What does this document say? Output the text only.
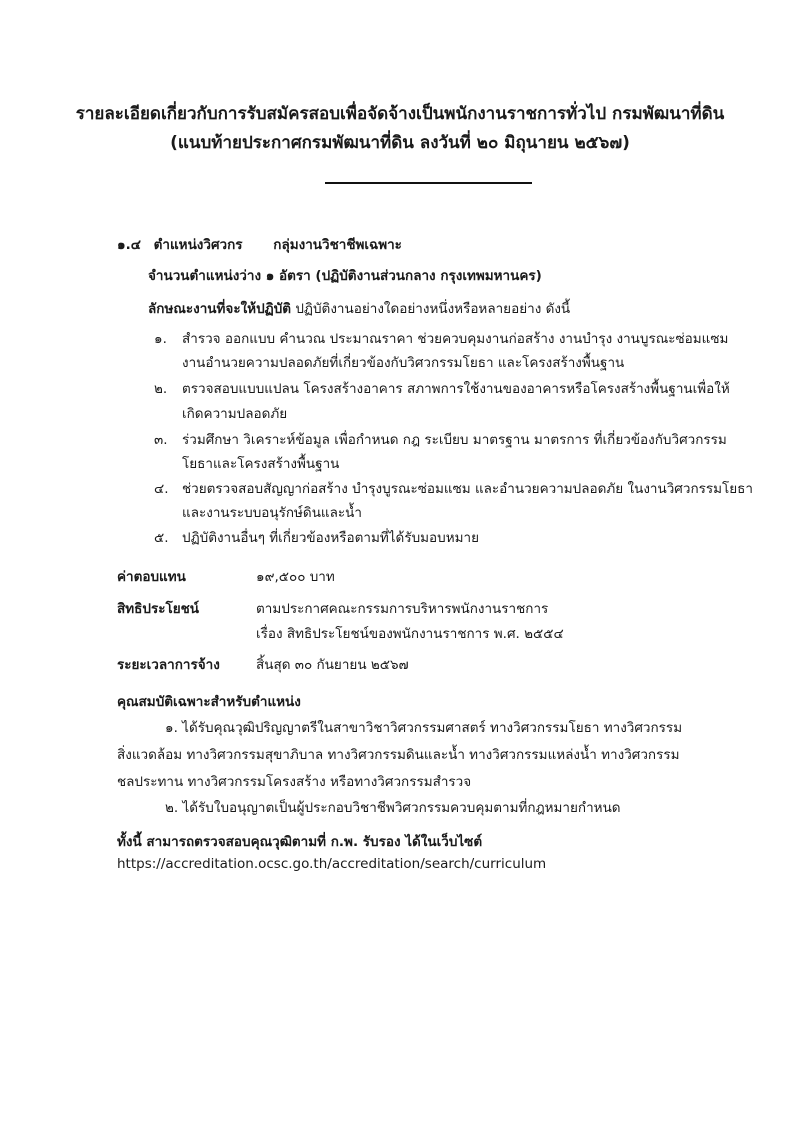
รายละเอียดเกี่ยวกับการรับสมัครสอบเพื่อจัดจ้างเป็นพนักงานราชการทั่วไป กรมพัฒนาที่ดิน
(แนบท้ายประกาศกรมพัฒนาที่ดิน ลงวันที่ ๒๐ มิถุนายน ๒๕๖๗)
๑.๔ ตำแหน่งวิศวกร กลุ่มงานวิชาชีพเฉพาะ
จำนวนตำแหน่งว่าง ๑ อัตรา (ปฏิบัติงานส่วนกลาง กรุงเทพมหานคร)
ลักษณะงานที่จะให้ปฏิบัติ ปฏิบัติงานอย่างใดอย่างหนึ่งหรือหลายอย่าง ดังนี้
๑. สำรวจ ออกแบบ คำนวณ ประมาณราคา ช่วยควบคุมงานก่อสร้าง งานบำรุง งานบูรณะซ่อมแซม
งานอำนวยความปลอดภัยที่เกี่ยวข้องกับวิศวกรรมโยธา และโครงสร้างพื้นฐาน
๒. ตรวจสอบแบบแปลน โครงสร้างอาคาร สภาพการใช้งานของอาคารหรือโครงสร้างพื้นฐานเพื่อให้
เกิดความปลอดภัย
๓. ร่วมศึกษา วิเคราะห์ข้อมูล เพื่อกำหนด กฎ ระเบียบ มาตรฐาน มาตรการ ที่เกี่ยวข้องกับวิศวกรรม
โยธาและโครงสร้างพื้นฐาน
๔. ช่วยตรวจสอบสัญญาก่อสร้าง บำรุงบูรณะซ่อมแซม และอำนวยความปลอดภัย ในงานวิศวกรรมโยธา
และงานระบบอนุรักษ์ดินและน้ำ
๕. ปฏิบัติงานอื่นๆ ที่เกี่ยวข้องหรือตามที่ได้รับมอบหมาย
ค่าตอบแทน	๑๙,๕๐๐ บาท
สิทธิประโยชน์	ตามประกาศคณะกรรมการบริหารพนักงานราชการ
เรื่อง สิทธิประโยชน์ของพนักงานราชการ พ.ศ. ๒๕๕๔
ระยะเวลาการจ้าง	สิ้นสุด ๓๐ กันยายน ๒๕๖๗
คุณสมบัติเฉพาะสำหรับตำแหน่ง
๑. ได้รับคุณวุฒิปริญญาตรีในสาขาวิชาวิศวกรรมศาสตร์ ทางวิศวกรรมโยธา ทางวิศวกรรม
สิ่งแวดล้อม ทางวิศวกรรมสุขาภิบาล ทางวิศวกรรมดินและน้ำ ทางวิศวกรรมแหล่งน้ำ ทางวิศวกรรม
ชลประทาน ทางวิศวกรรมโครงสร้าง หรือทางวิศวกรรมสำรวจ
๒. ได้รับใบอนุญาตเป็นผู้ประกอบวิชาชีพวิศวกรรมควบคุมตามที่กฎหมายกำหนด
ทั้งนี้ สามารถตรวจสอบคุณวุฒิตามที่ ก.พ. รับรอง ได้ในเว็บไซต์
https://accreditation.ocsc.go.th/accreditation/search/curriculum
